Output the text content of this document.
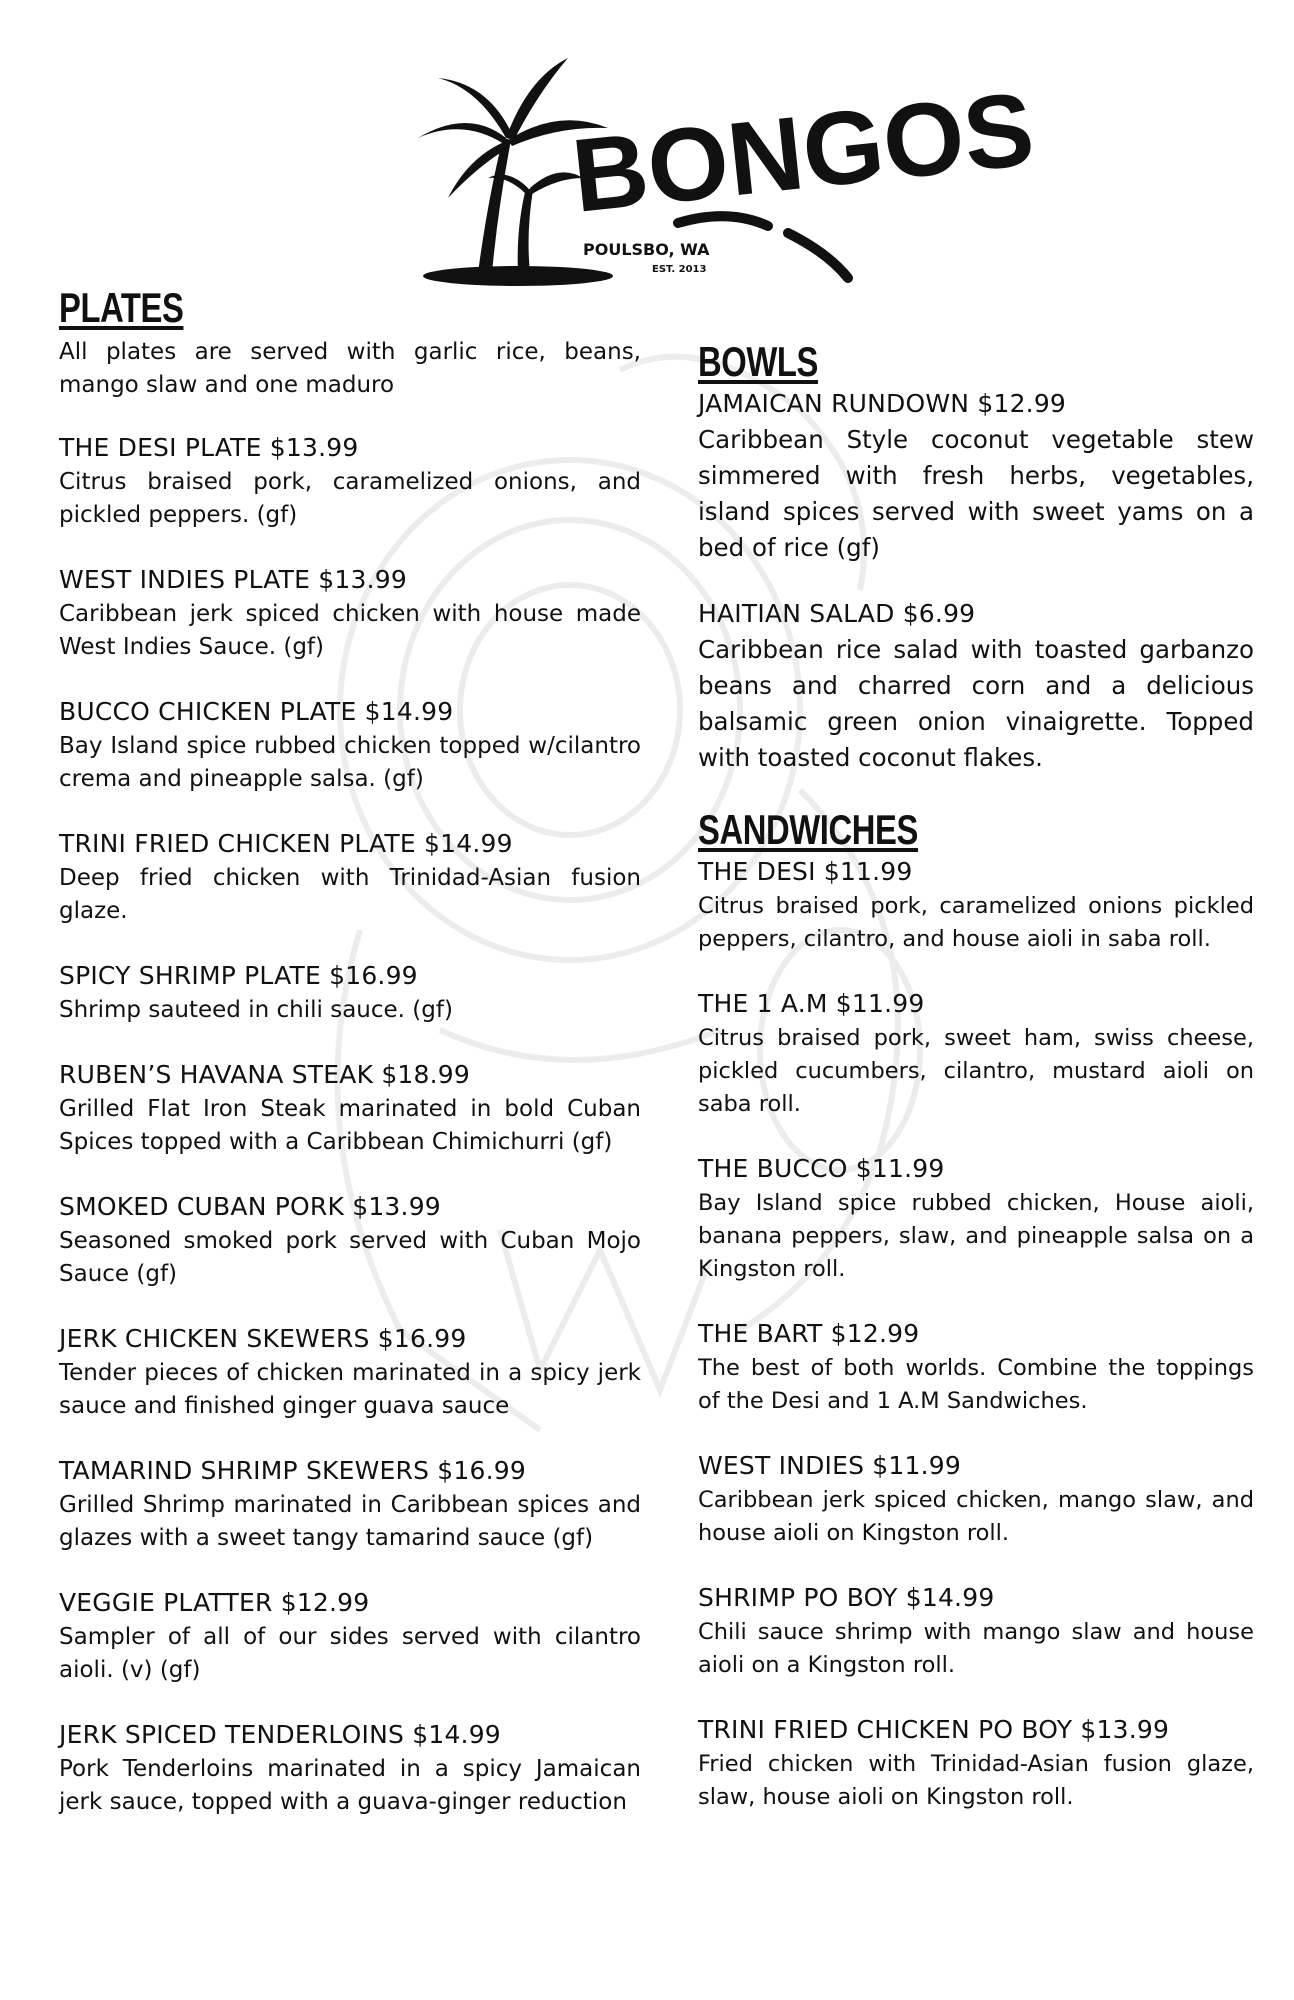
BONGOS
POULSBO, WA
EST. 2013
PLATES
All plates are served with garlic rice, beans, mango slaw and one maduro
THE DESI PLATE $13.99
Citrus braised pork, caramelized onions, and pickled peppers. (gf)
WEST INDIES PLATE $13.99
Caribbean jerk spiced chicken with house made West Indies Sauce. (gf)
BUCCO CHICKEN PLATE $14.99
Bay Island spice rubbed chicken topped w/cilantro crema and pineapple salsa. (gf)
TRINI FRIED CHICKEN PLATE $14.99
Deep fried chicken with Trinidad-Asian fusion glaze.
SPICY SHRIMP PLATE $16.99
Shrimp sauteed in chili sauce. (gf)
RUBEN’S HAVANA STEAK $18.99
Grilled Flat Iron Steak marinated in bold Cuban Spices topped with a Caribbean Chimichurri (gf)
SMOKED CUBAN PORK $13.99
Seasoned smoked pork served with Cuban Mojo Sauce (gf)
JERK CHICKEN SKEWERS $16.99
Tender pieces of chicken marinated in a spicy jerk sauce and finished ginger guava sauce
TAMARIND SHRIMP SKEWERS $16.99
Grilled Shrimp marinated in Caribbean spices and glazes with a sweet tangy tamarind sauce (gf)
VEGGIE PLATTER $12.99
Sampler of all of our sides served with cilantro aioli. (v) (gf)
JERK SPICED TENDERLOINS $14.99
Pork Tenderloins marinated in a spicy Jamaican jerk sauce, topped with a guava-ginger reduction
BOWLS
JAMAICAN RUNDOWN $12.99
Caribbean Style coconut vegetable stew simmered with fresh herbs, vegetables, island spices served with sweet yams on a bed of rice (gf)
HAITIAN SALAD $6.99
Caribbean rice salad with toasted garbanzo beans and charred corn and a delicious balsamic green onion vinaigrette. Topped with toasted coconut flakes.
SANDWICHES
THE DESI $11.99
Citrus braised pork, caramelized onions pickled peppers, cilantro, and house aioli in saba roll.
THE 1 A.M $11.99
Citrus braised pork, sweet ham, swiss cheese, pickled cucumbers, cilantro, mustard aioli on saba roll.
THE BUCCO $11.99
Bay Island spice rubbed chicken, House aioli, banana peppers, slaw, and pineapple salsa on a Kingston roll.
THE BART $12.99
The best of both worlds. Combine the toppings of the Desi and 1 A.M Sandwiches.
WEST INDIES $11.99
Caribbean jerk spiced chicken, mango slaw, and house aioli on Kingston roll.
SHRIMP PO BOY $14.99
Chili sauce shrimp with mango slaw and house aioli on a Kingston roll.
TRINI FRIED CHICKEN PO BOY $13.99
Fried chicken with Trinidad-Asian fusion glaze, slaw, house aioli on Kingston roll.
